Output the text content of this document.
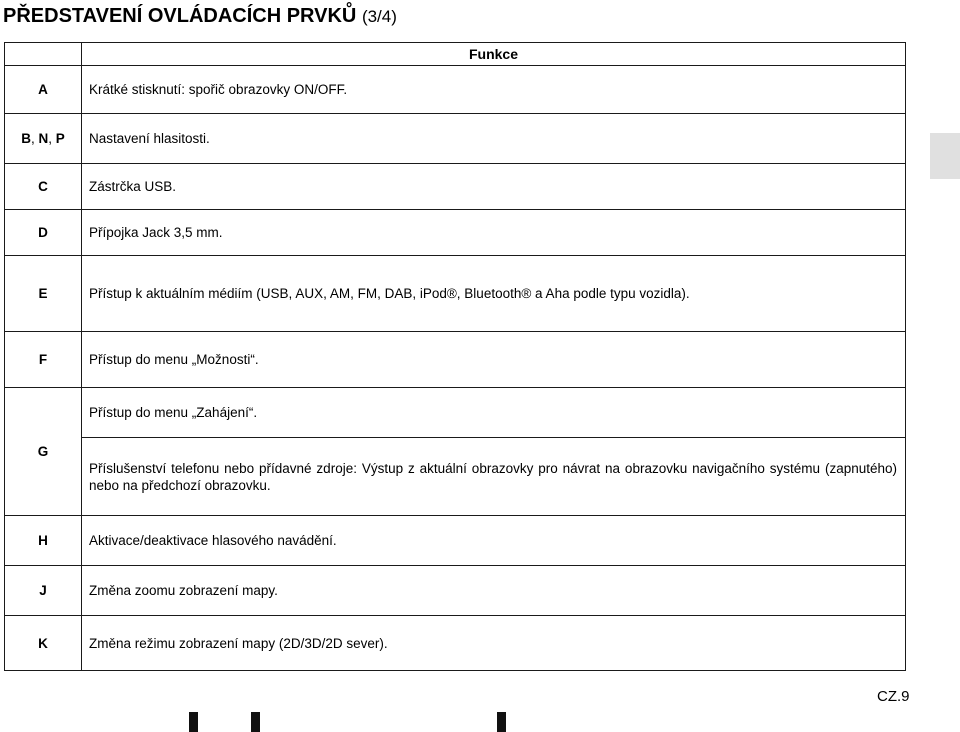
PŘEDSTAVENÍ OVLÁDACÍCH PRVKŮ (3/4)
	Funkce
A	Krátké stisknutí: spořič obrazovky ON/OFF.
B, N, P	Nastavení hlasitosti.
C	Zástrčka USB.
D	Přípojka Jack 3,5 mm.
E	Přístup k aktuálním médiím (USB, AUX, AM, FM, DAB, iPod®, Bluetooth® a Aha podle typu vozidla).
F	Přístup do menu „Možnosti“.
G	Přístup do menu „Zahájení“.
	Příslušenství telefonu nebo přídavné zdroje: Výstup z aktuální obrazovky pro návrat na obrazovku navigačního systému (zapnutého) nebo na předchozí obrazovku.
H	Aktivace/deaktivace hlasového navádění.
J	Změna zoomu zobrazení mapy.
K	Změna režimu zobrazení mapy (2D/3D/2D sever).
CZ.9
